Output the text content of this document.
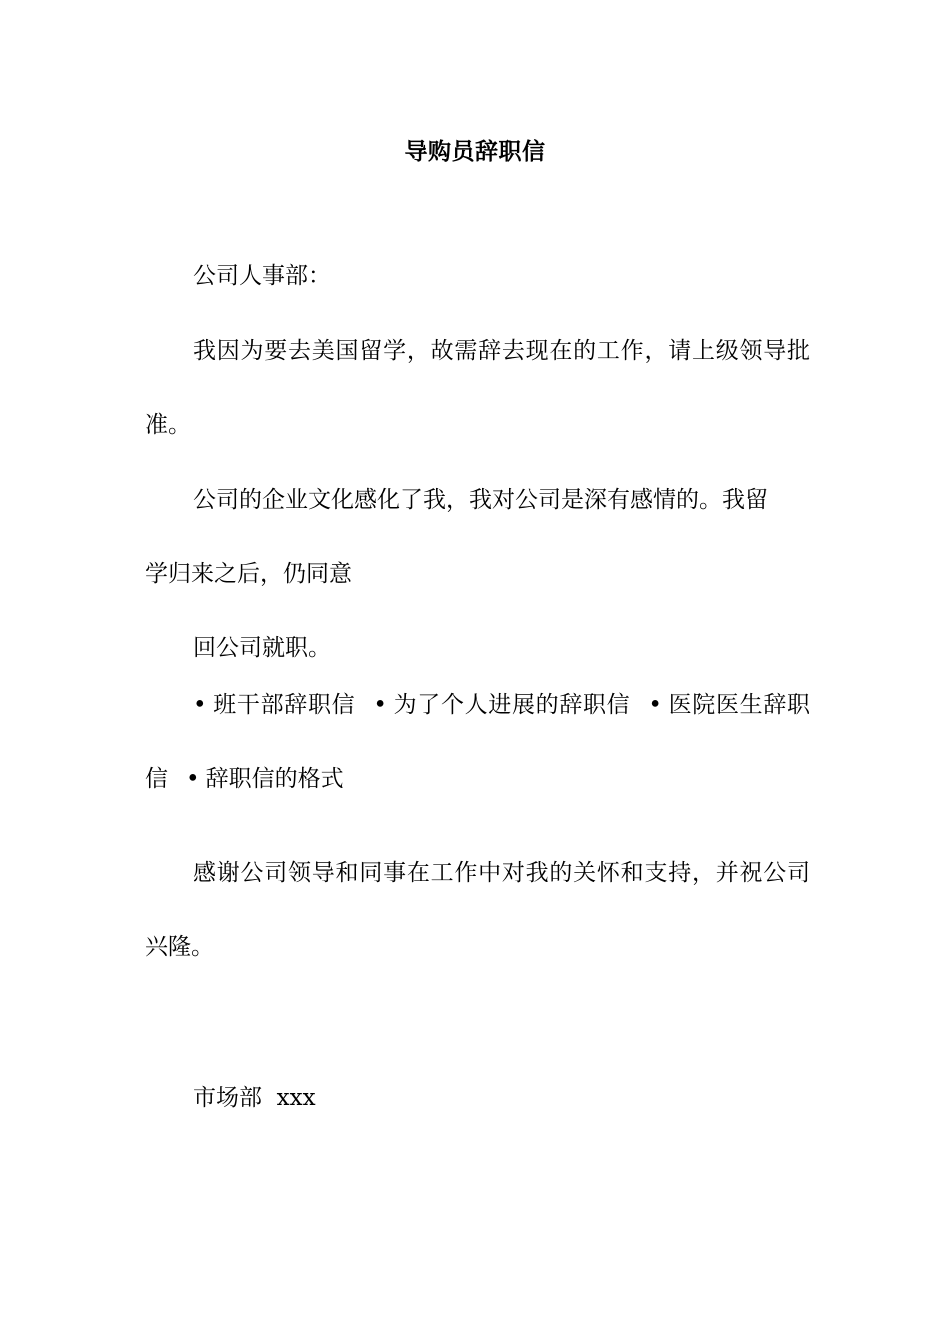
导购员辞职信
公司人事部：
我因为要去美国留学，故需辞去现在的工作，请上级领导批准。
公司的企业文化感化了我，我对公司是深有感情的。我留
学归来之后，仍同意
回公司就职。
• 班干部辞职信 • 为了个人进展的辞职信 • 医院医生辞职信 • 辞职信的格式
感谢公司领导和同事在工作中对我的关怀和支持，并祝公司兴隆。
市场部  xxx
